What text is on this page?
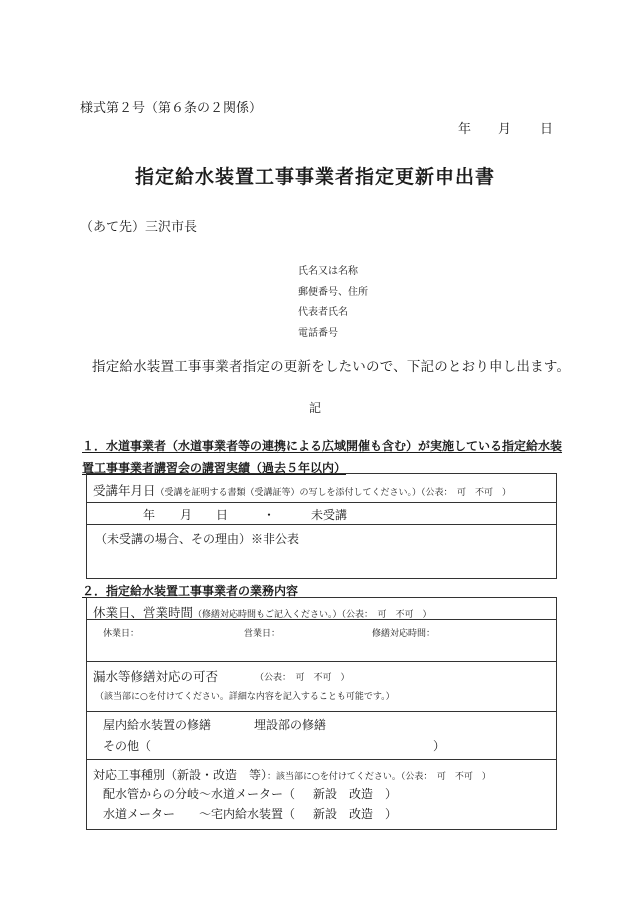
様式第２号（第６条の２関係）
年 月 日
指定給水装置工事事業者指定更新申出書
（あて先）三沢市長
氏名又は名称
郵便番号、住所
代表者氏名
電話番号
指定給水装置工事事業者指定の更新をしたいので、下記のとおり申し出ます。
記
１．水道事業者（水道事業者等の連携による広域開催も含む）が実施している指定給水装
置工事事業者講習会の講習実績（過去５年以内）
受講年月日（受講を証明する書類（受講証等）の写しを添付してください。）（公表：　可　不可　）
年 月 日	・	未受講
（未受講の場合、その理由）※非公表
２．指定給水装置工事事業者の業務内容
休業日、営業時間（修繕対応時間もご記入ください。）（公表：　可　不可　）
休業日：	営業日：	修繕対応時間：
漏水等修繕対応の可否	（公表：　可　不可　）
（該当部に○を付けてください。詳細な内容を記入することも可能です。）
屋内給水装置の修繕	埋設部の修繕
その他（	）
対応工事種別（新設・改造　等）：該当部に○を付けてください。（公表：　可　不可　）
配水管からの分岐～水道メーター（ 新設　改造　）
水道メーター　　～宅内給水装置（ 新設　改造　）
